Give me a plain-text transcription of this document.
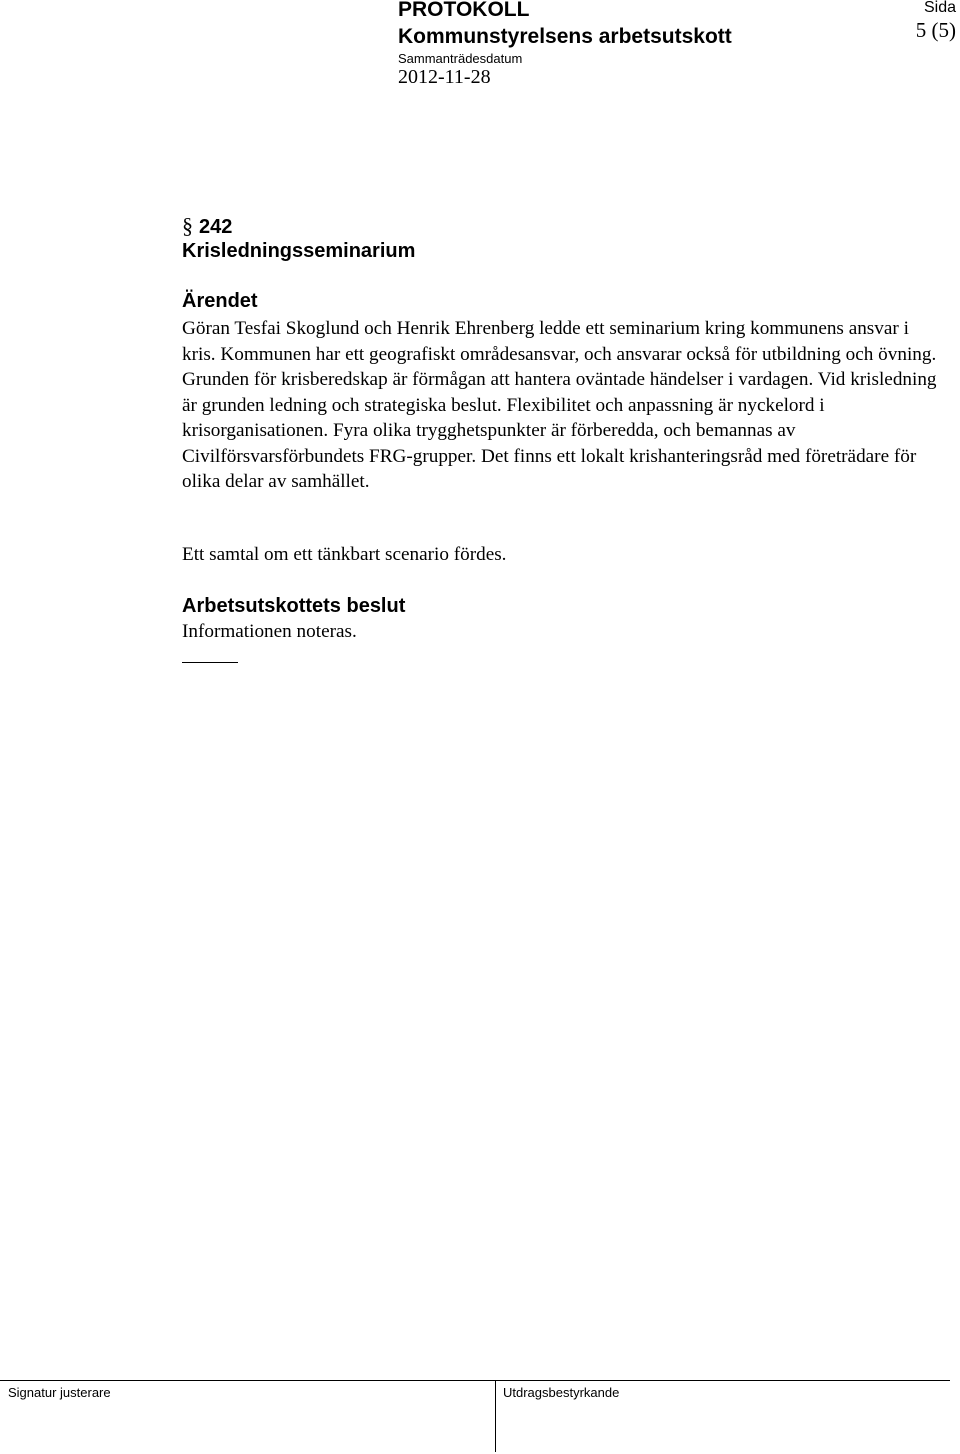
PROTOKOLL
Kommunstyrelsens arbetsutskott
Sammanträdesdatum
2012-11-28
Sida
5 (5)
§ 242
Krisledningsseminarium
Ärendet
Göran Tesfai Skoglund och Henrik Ehrenberg ledde ett seminarium kring kommunens ansvar i kris. Kommunen har ett geografiskt områdesansvar, och ansvarar också för utbildning och övning. Grunden för krisberedskap är förmågan att hantera oväntade händelser i vardagen. Vid krisledning är grunden ledning och strategiska beslut. Flexibilitet och anpassning är nyckelord i krisorganisationen. Fyra olika trygghetspunkter är förberedda, och bemannas av Civilförsvarsförbundets FRG-grupper. Det finns ett lokalt krishanteringsråd med företrädare för olika delar av samhället.
Ett samtal om ett tänkbart scenario fördes.
Arbetsutskottets beslut
Informationen noteras.
Signatur justerare	Utdragsbestyrkande
